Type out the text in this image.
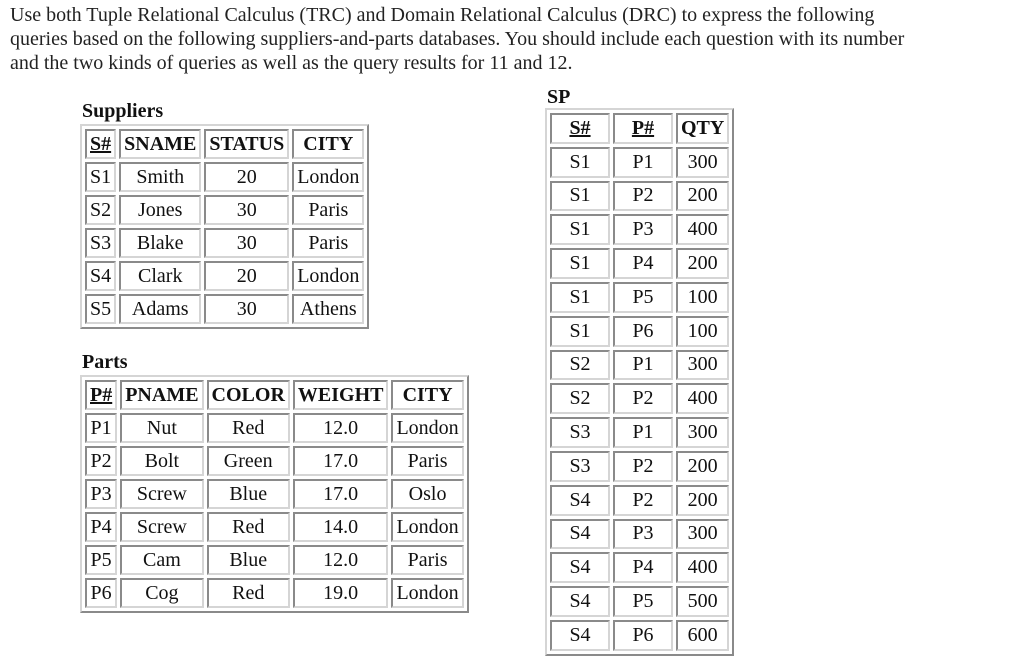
Use both Tuple Relational Calculus (TRC) and Domain Relational Calculus (DRC) to express the following
queries based on the following suppliers-and-parts databases. You should include each question with its number
and the two kinds of queries as well as the query results for 11 and 12.
Suppliers
S#	SNAME	STATUS	CITY
S1	Smith	20	London
S2	Jones	30	Paris
S3	Blake	30	Paris
S4	Clark	20	London
S5	Adams	30	Athens
Parts
P#	PNAME	COLOR	WEIGHT	CITY
P1	Nut	Red	12.0	London
P2	Bolt	Green	17.0	Paris
P3	Screw	Blue	17.0	Oslo
P4	Screw	Red	14.0	London
P5	Cam	Blue	12.0	Paris
P6	Cog	Red	19.0	London
SP
S#	P#	QTY
S1	P1	300
S1	P2	200
S1	P3	400
S1	P4	200
S1	P5	100
S1	P6	100
S2	P1	300
S2	P2	400
S3	P1	300
S3	P2	200
S4	P2	200
S4	P3	300
S4	P4	400
S4	P5	500
S4	P6	600
